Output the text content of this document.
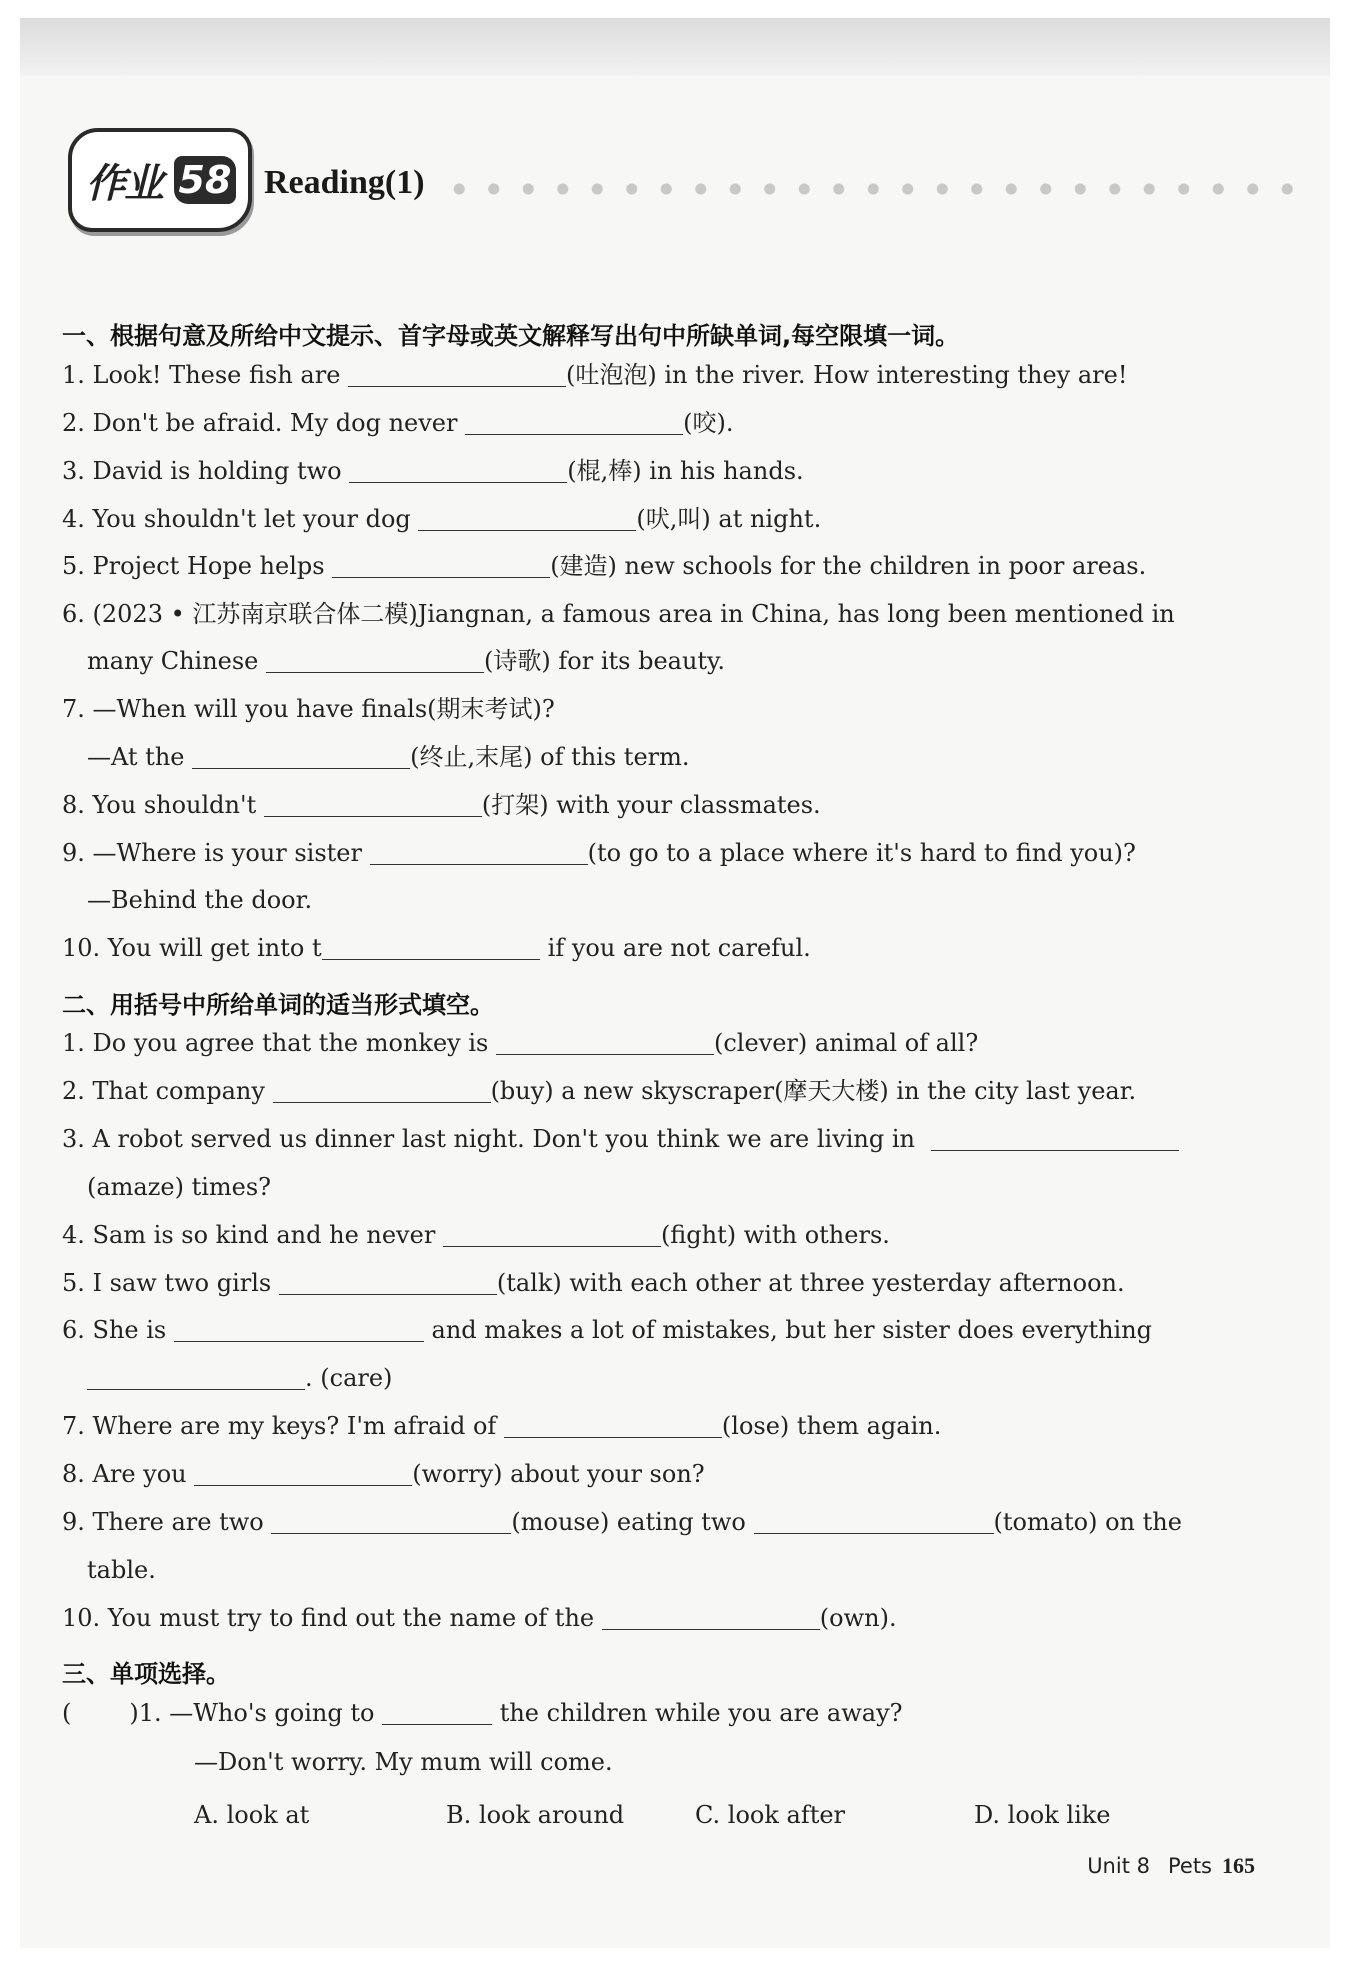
作业 58 Reading(1)
一、根据句意及所给中文提示、首字母或英文解释写出句中所缺单词,每空限填一词。
1. Look! These fish are	(吐泡泡) in the river. How interesting they are!
2. Don't be afraid. My dog never	(咬).
3. David is holding two	(棍,棒) in his hands.
4. You shouldn't let your dog	(吠,叫) at night.
5. Project Hope helps	(建造) new schools for the children in poor areas.
6. (2023 • 江苏南京联合体二模)Jiangnan, a famous area in China, has long been mentioned in
many Chinese	(诗歌) for its beauty.
7. —When will you have finals(期末考试)?
—At the	(终止,末尾) of this term.
8. You shouldn't	(打架) with your classmates.
9. —Where is your sister	(to go to a place where it's hard to find you)?
—Behind the door.
10. You will get into t	if you are not careful.
二、用括号中所给单词的适当形式填空。
1. Do you agree that the monkey is	(clever) animal of all?
2. That company	(buy) a new skyscraper(摩天大楼) in the city last year.
3. A robot served us dinner last night. Don't you think we are living in
(amaze) times?
4. Sam is so kind and he never	(fight) with others.
5. I saw two girls	(talk) with each other at three yesterday afternoon.
6. She is	and makes a lot of mistakes, but her sister does everything
. (care)
7. Where are my keys? I'm afraid of	(lose) them again.
8. Are you	(worry) about your son?
9. There are two	(mouse) eating two	(tomato) on the
table.
10. You must try to find out the name of the	(own).
三、单项选择。
( )1. —Who's going to	the children while you are away?
—Don't worry. My mum will come.
A. look at	B. look around	C. look after	D. look like
Unit 8 Pets 165
